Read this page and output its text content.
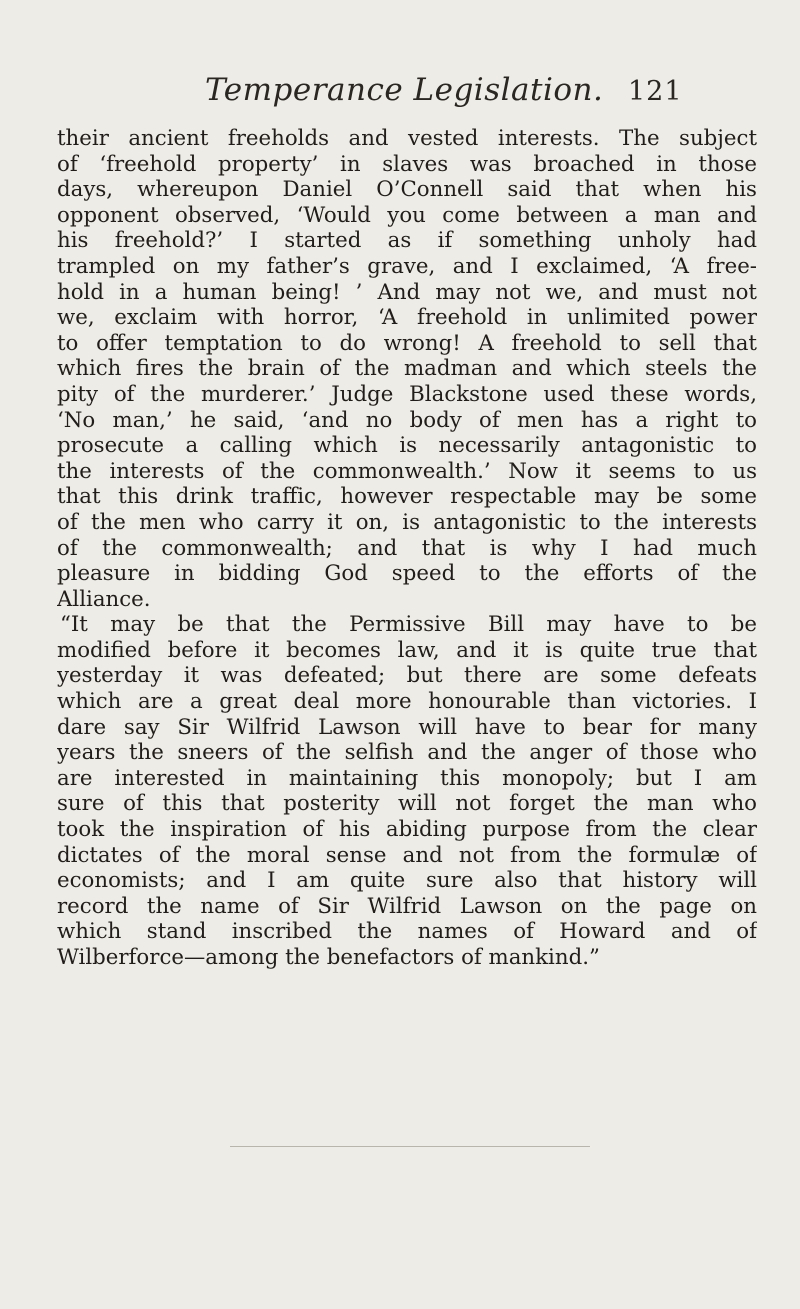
Temperance Legislation. 121
their ancient freeholds and vested interests. The subject
of ‘freehold property’ in slaves was broached in those
days, whereupon Daniel O’Connell said that when his
opponent observed, ‘Would you come between a man and
his freehold?’ I started as if something unholy had
trampled on my father’s grave, and I exclaimed, ‘A free-
hold in a human being! ’ And may not we, and must not
we, exclaim with horror, ‘A freehold in unlimited power
to offer temptation to do wrong! A freehold to sell that
which fires the brain of the madman and which steels the
pity of the murderer.’ Judge Blackstone used these words,
‘No man,’ he said, ‘and no body of men has a right to
prosecute a calling which is necessarily antagonistic to
the interests of the commonwealth.’ Now it seems to us
that this drink traffic, however respectable may be some
of the men who carry it on, is antagonistic to the interests
of the commonwealth; and that is why I had much
pleasure in bidding God speed to the efforts of the
Alliance.
“It may be that the Permissive Bill may have to be
modified before it becomes law, and it is quite true that
yesterday it was defeated; but there are some defeats
which are a great deal more honourable than victories. I
dare say Sir Wilfrid Lawson will have to bear for many
years the sneers of the selfish and the anger of those who
are interested in maintaining this monopoly; but I am
sure of this that posterity will not forget the man who
took the inspiration of his abiding purpose from the clear
dictates of the moral sense and not from the formulæ of
economists; and I am quite sure also that history will
record the name of Sir Wilfrid Lawson on the page on
which stand inscribed the names of Howard and of
Wilberforce—among the benefactors of mankind.”
